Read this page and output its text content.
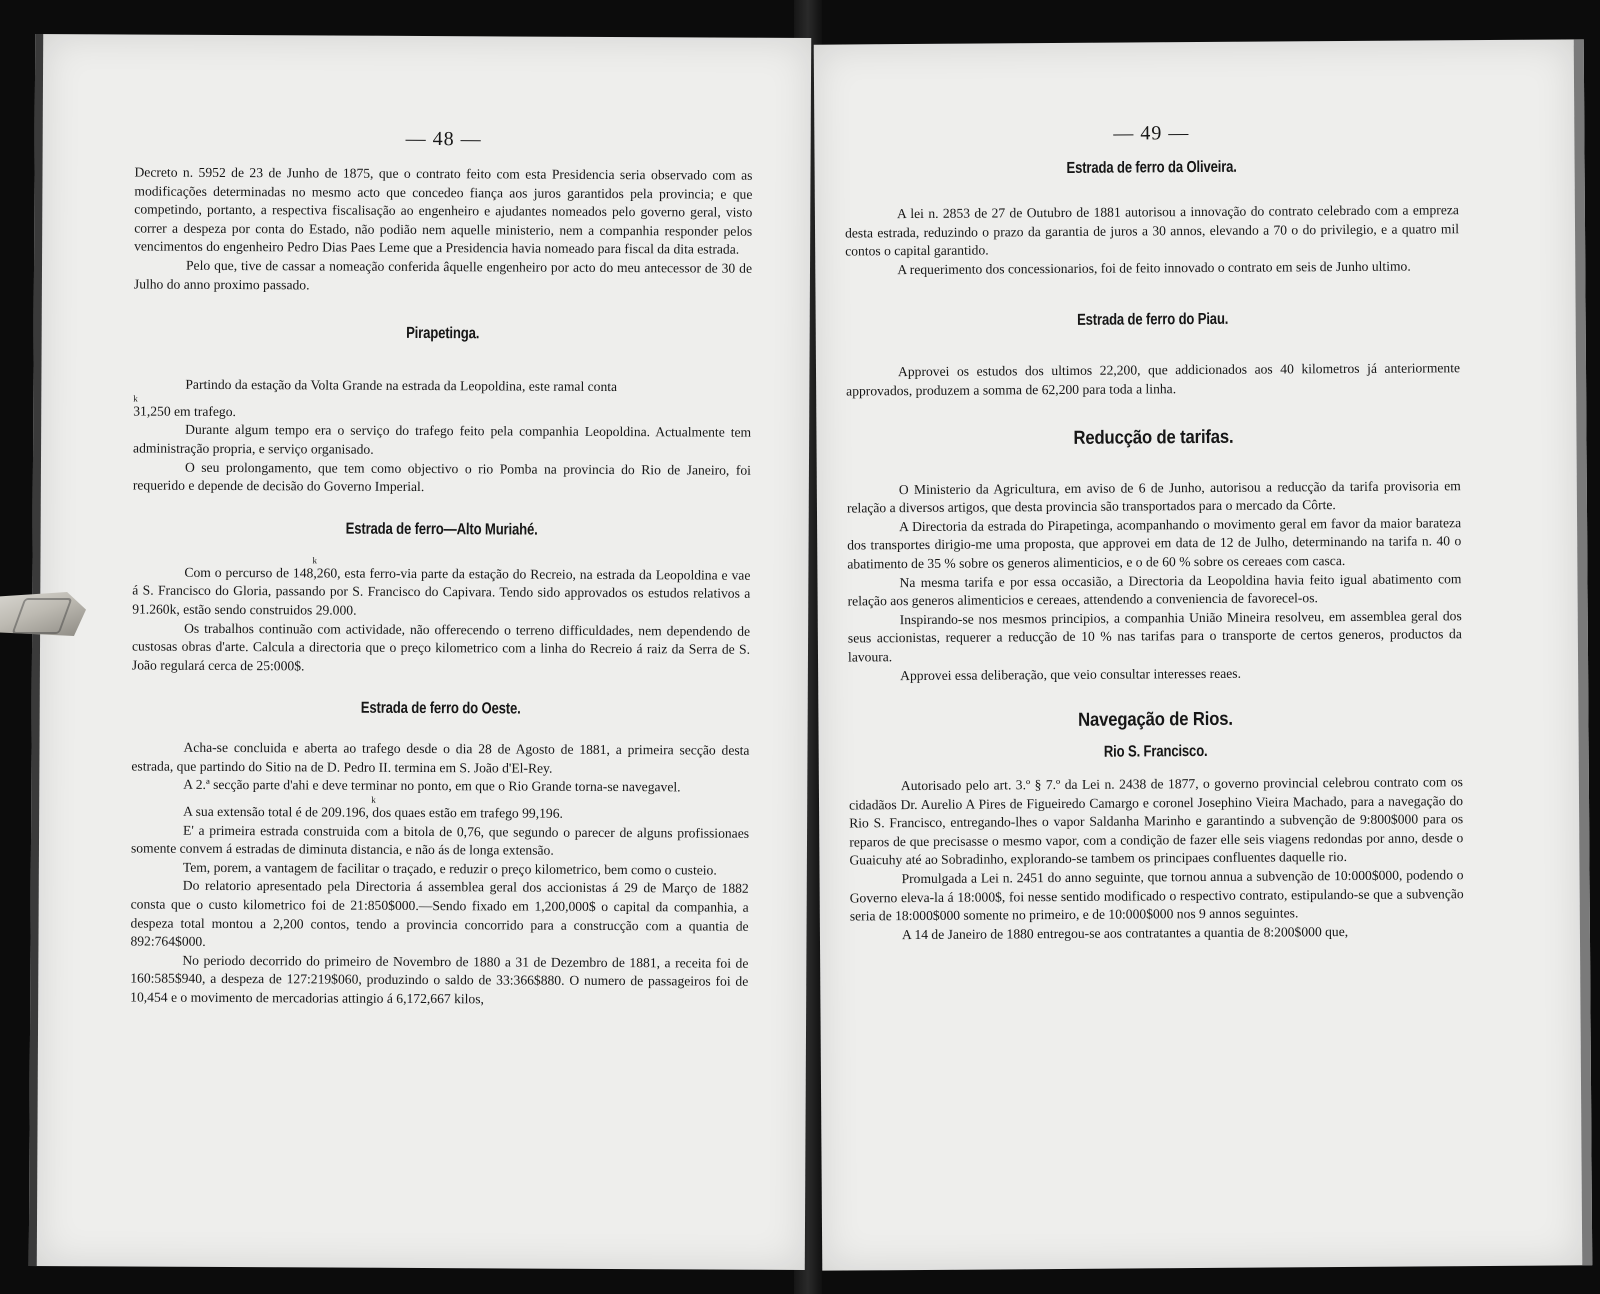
— 48 —

Decreto n. 5952 de 23 de Junho de 1875, que o contrato feito com esta Presidencia seria observado com as modificações determinadas no mesmo acto que concedeo fiança aos juros garantidos pela provincia; e que competindo, portanto, a respectiva fiscalisação ao engenheiro e ajudantes nomeados pelo governo geral, visto correr a despeza por conta do Estado, não podião nem aquelle ministerio, nem a companhia responder pelos vencimentos do engenheiro Pedro Dias Paes Leme que a Presidencia havia nomeado para fiscal da dita estrada.

Pelo que, tive de cassar a nomeação conferida âquelle engenheiro por acto do meu antecessor de 30 de Julho do anno proximo passado.

Pirapetinga.

Partindo da estação da Volta Grande na estrada da Leopoldina, este ramal conta

k

31,250 em trafego.

Durante algum tempo era o serviço do trafego feito pela companhia Leopoldina. Actualmente tem administração propria, e serviço organisado.

O seu prolongamento, que tem como objectivo o rio Pomba na provincia do Rio de Janeiro, foi requerido e depende de decisão do Governo Imperial.

Estrada de ferro—Alto Muriahé.
k

Com o percurso de 148,260, esta ferro-via parte da estação do Recreio, na estrada da Leopoldina e vae á S. Francisco do Gloria, passando por S. Francisco do Capivara. Tendo sido approvados os estudos relativos a 91.260k, estão sendo construidos 29.000.

Os trabalhos continuão com actividade, não offerecendo o terreno difficuldades, nem dependendo de custosas obras d'arte. Calcula a directoria que o preço kilometrico com a linha do Recreio á raiz da Serra de S. João regulará cerca de 25:000$.

Estrada de ferro do Oeste.

Acha-se concluida e aberta ao trafego desde o dia 28 de Agosto de 1881, a primeira secção desta estrada, que partindo do Sitio na de D. Pedro II. termina em S. João d'El-Rey.

A 2.ª secção parte d'ahi e deve terminar no ponto, em que o Rio Grande torna-se navegavel.

k

A sua extensão total é de 209.196, dos quaes estão em trafego 99,196.

E' a primeira estrada construida com a bitola de 0,76, que segundo o parecer de alguns profissionaes somente convem á estradas de diminuta distancia, e não ás de longa extensão.

Tem, porem, a vantagem de facilitar o traçado, e reduzir o preço kilometrico, bem como o custeio.

Do relatorio apresentado pela Directoria á assemblea geral dos accionistas á 29 de Março de 1882 consta que o custo kilometrico foi de 21:850$000.—Sendo fixado em 1,200,000$ o capital da companhia, a despeza total montou a 2,200 contos, tendo a provincia concorrido para a construcção com a quantia de 892:764$000.

No periodo decorrido do primeiro de Novembro de 1880 a 31 de Dezembro de 1881, a receita foi de 160:585$940, a despeza de 127:219$060, produzindo o saldo de 33:366$880. O numero de passageiros foi de 10,454 e o movimento de mercadorias attingio á 6,172,667 kilos,

— 49 —
Estrada de ferro da Oliveira.

A lei n. 2853 de 27 de Outubro de 1881 autorisou a innovação do contrato celebrado com a empreza desta estrada, reduzindo o prazo da garantia de juros a 30 annos, elevando a 70 o do privilegio, e a quatro mil contos o capital garantido.

A requerimento dos concessionarios, foi de feito innovado o contrato em seis de Junho ultimo.

Estrada de ferro do Piau.

Approvei os estudos dos ultimos 22,200, que addicionados aos 40 kilometros já anteriormente approvados, produzem a somma de 62,200 para toda a linha.

Reducção de tarifas.

O Ministerio da Agricultura, em aviso de 6 de Junho, autorisou a reducção da tarifa provisoria em relação a diversos artigos, que desta provincia são transportados para o mercado da Côrte.

A Directoria da estrada do Pirapetinga, acompanhando o movimento geral em favor da maior barateza dos transportes dirigio-me uma proposta, que approvei em data de 12 de Julho, determinando na tarifa n. 40 o abatimento de 35 % sobre os generos alimenticios, e o de 60 % sobre os cereaes com casca.

Na mesma tarifa e por essa occasião, a Directoria da Leopoldina havia feito igual abatimento com relação aos generos alimenticios e cereaes, attendendo a conveniencia de favorecel-os.

Inspirando-se nos mesmos principios, a companhia União Mineira resolveu, em assemblea geral dos seus accionistas, requerer a reducção de 10 % nas tarifas para o transporte de certos generos, productos da lavoura.

Approvei essa deliberação, que veio consultar interesses reaes.

Navegação de Rios.
Rio S. Francisco.

Autorisado pelo art. 3.º § 7.º da Lei n. 2438 de 1877, o governo provincial celebrou contrato com os cidadãos Dr. Aurelio A Pires de Figueiredo Camargo e coronel Josephino Vieira Machado, para a navegação do Rio S. Francisco, entregando-lhes o vapor Saldanha Marinho e garantindo a subvenção de 9:800$000 para os reparos de que precisasse o mesmo vapor, com a condição de fazer elle seis viagens redondas por anno, desde o Guaicuhy até ao Sobradinho, explorando-se tambem os principaes confluentes daquelle rio.

Promulgada a Lei n. 2451 do anno seguinte, que tornou annua a subvenção de 10:000$000, podendo o Governo eleva-la á 18:000$, foi nesse sentido modificado o respectivo contrato, estipulando-se que a subvenção seria de 18:000$000 somente no primeiro, e de 10:000$000 nos 9 annos seguintes.

A 14 de Janeiro de 1880 entregou-se aos contratantes a quantia de 8:200$000 que,
